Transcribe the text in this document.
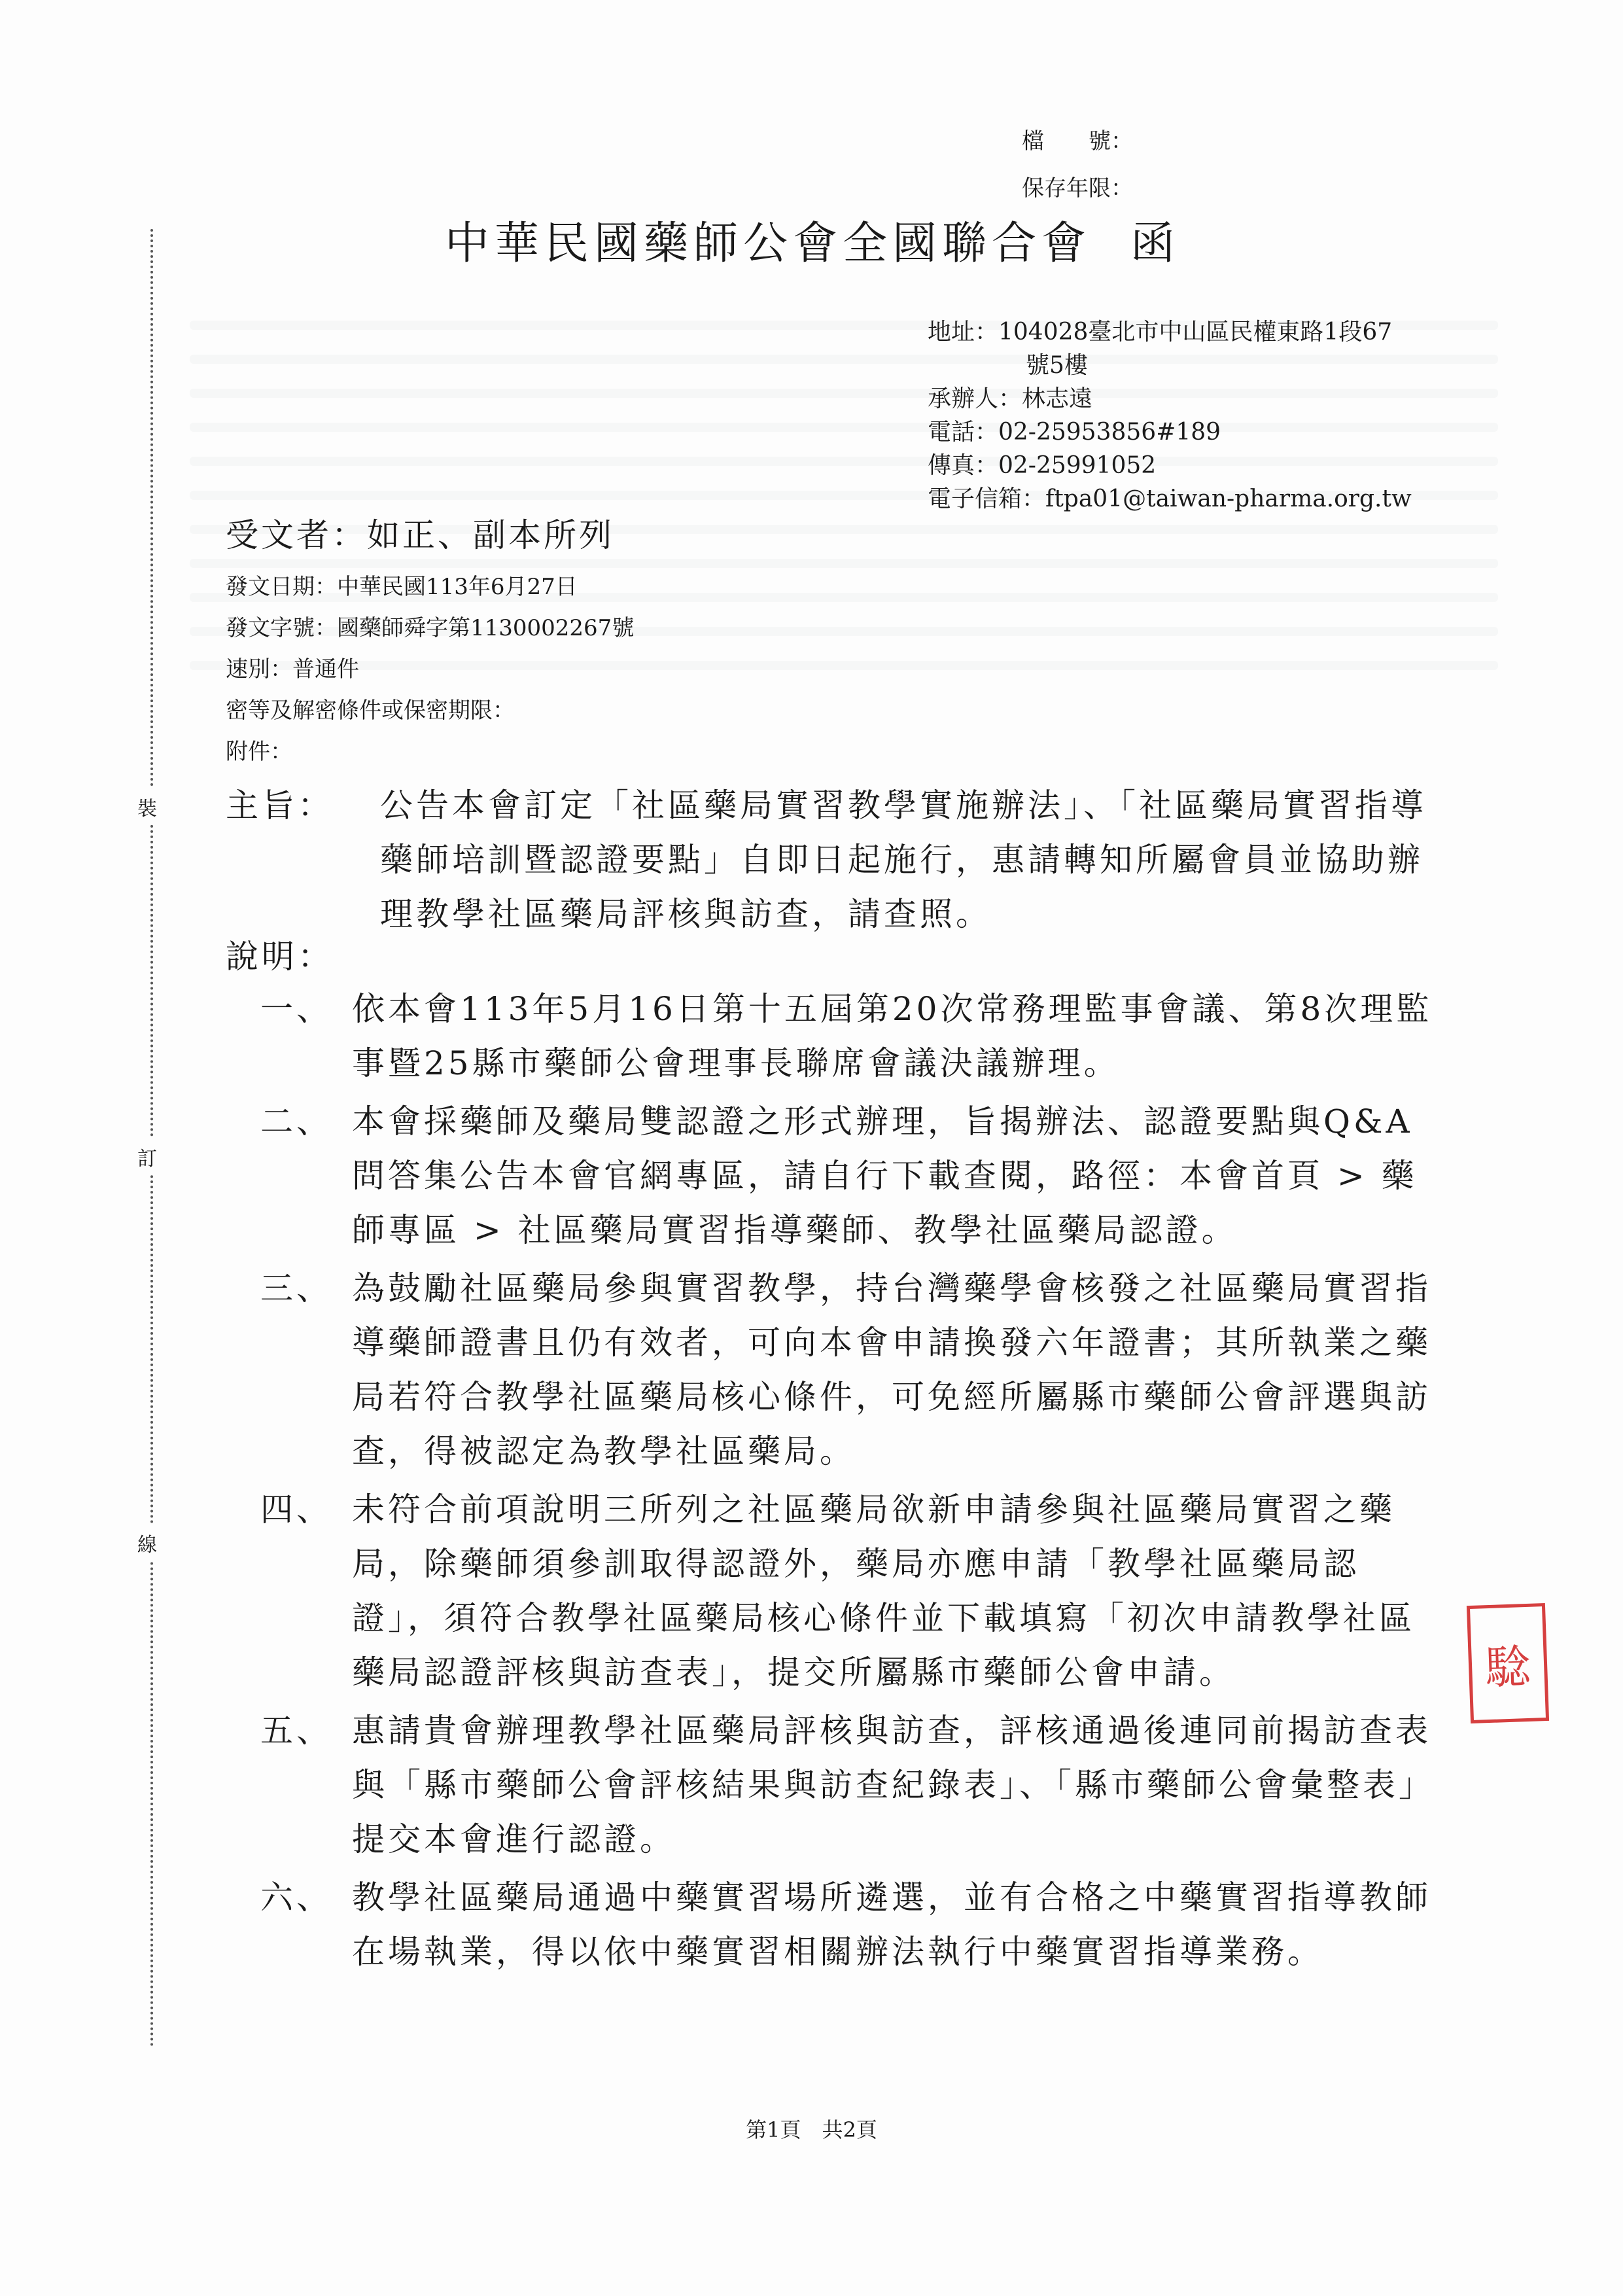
檔　　號：
保存年限：
裝
訂
線
中華民國藥師公會全國聯合會 函
地址：104028臺北市中山區民權東路1段67
號5樓
承辦人：林志遠
電話：02-25953856#189
傳真：02-25991052
電子信箱：ftpa01@taiwan-pharma.org.tw
受文者：如正、副本所列
發文日期：中華民國113年6月27日
發文字號：國藥師舜字第1130002267號
速別：普通件
密等及解密條件或保密期限：
附件：
主旨： 公告本會訂定「社區藥局實習教學實施辦法」、「社區藥局實習指導藥師培訓暨認證要點」自即日起施行，惠請轉知所屬會員並協助辦理教學社區藥局評核與訪查，請查照。
說明：
一、 依本會113年5月16日第十五屆第20次常務理監事會議、第8次理監事暨25縣市藥師公會理事長聯席會議決議辦理。
二、 本會採藥師及藥局雙認證之形式辦理，旨揭辦法、認證要點與Q&A問答集公告本會官網專區，請自行下載查閱，路徑：本會首頁 > 藥師專區 > 社區藥局實習指導藥師、教學社區藥局認證。
三、 為鼓勵社區藥局參與實習教學，持台灣藥學會核發之社區藥局實習指導藥師證書且仍有效者，可向本會申請換發六年證書；其所執業之藥局若符合教學社區藥局核心條件，可免經所屬縣市藥師公會評選與訪查，得被認定為教學社區藥局。
四、 未符合前項說明三所列之社區藥局欲新申請參與社區藥局實習之藥局，除藥師須參訓取得認證外，藥局亦應申請「教學社區藥局認證」，須符合教學社區藥局核心條件並下載填寫「初次申請教學社區藥局認證評核與訪查表」，提交所屬縣市藥師公會申請。
五、 惠請貴會辦理教學社區藥局評核與訪查，評核通過後連同前揭訪查表與「縣市藥師公會評核結果與訪查紀錄表」、「縣市藥師公會彙整表」提交本會進行認證。
六、 教學社區藥局通過中藥實習場所遴選，並有合格之中藥實習指導教師在場執業，得以依中藥實習相關辦法執行中藥實習指導業務。
騐
第1頁　共2頁
